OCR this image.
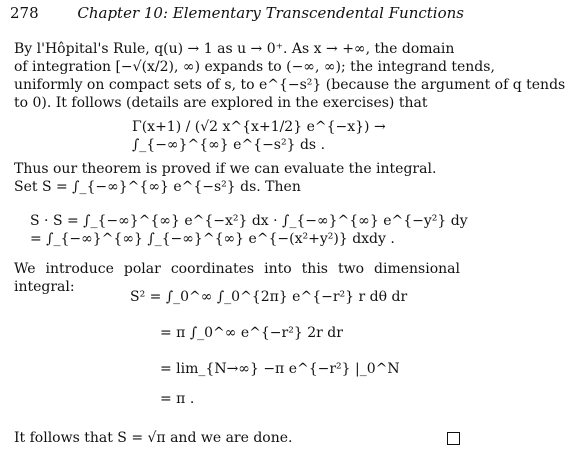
278	Chapter 10: Elementary Transcendental Functions
By l'Hôpital's Rule, q(u) → 1 as u → 0⁺. As x → +∞, the domain
of integration [−√(x/2), ∞) expands to (−∞, ∞); the integrand tends,
uniformly on compact sets of s, to e^{−s²} (because the argument of q tends
to 0). It follows (details are explored in the exercises) that
Γ(x+1) / (√2 x^{x+1/2} e^{−x}) → ∫_{−∞}^{∞} e^{−s²} ds .
Thus our theorem is proved if we can evaluate the integral.
Set S = ∫_{−∞}^{∞} e^{−s²} ds. Then
S · S = ∫_{−∞}^{∞} e^{−x²} dx · ∫_{−∞}^{∞} e^{−y²} dy = ∫_{−∞}^{∞} ∫_{−∞}^{∞} e^{−(x²+y²)} dxdy .
We introduce polar coordinates into this two dimensional integral:
S² = ∫_0^∞ ∫_0^{2π} e^{−r²} r dθ dr
= π ∫_0^∞ e^{−r²} 2r dr
= lim_{N→∞} −π e^{−r²} |_0^N
= π .
It follows that S = √π and we are done.
